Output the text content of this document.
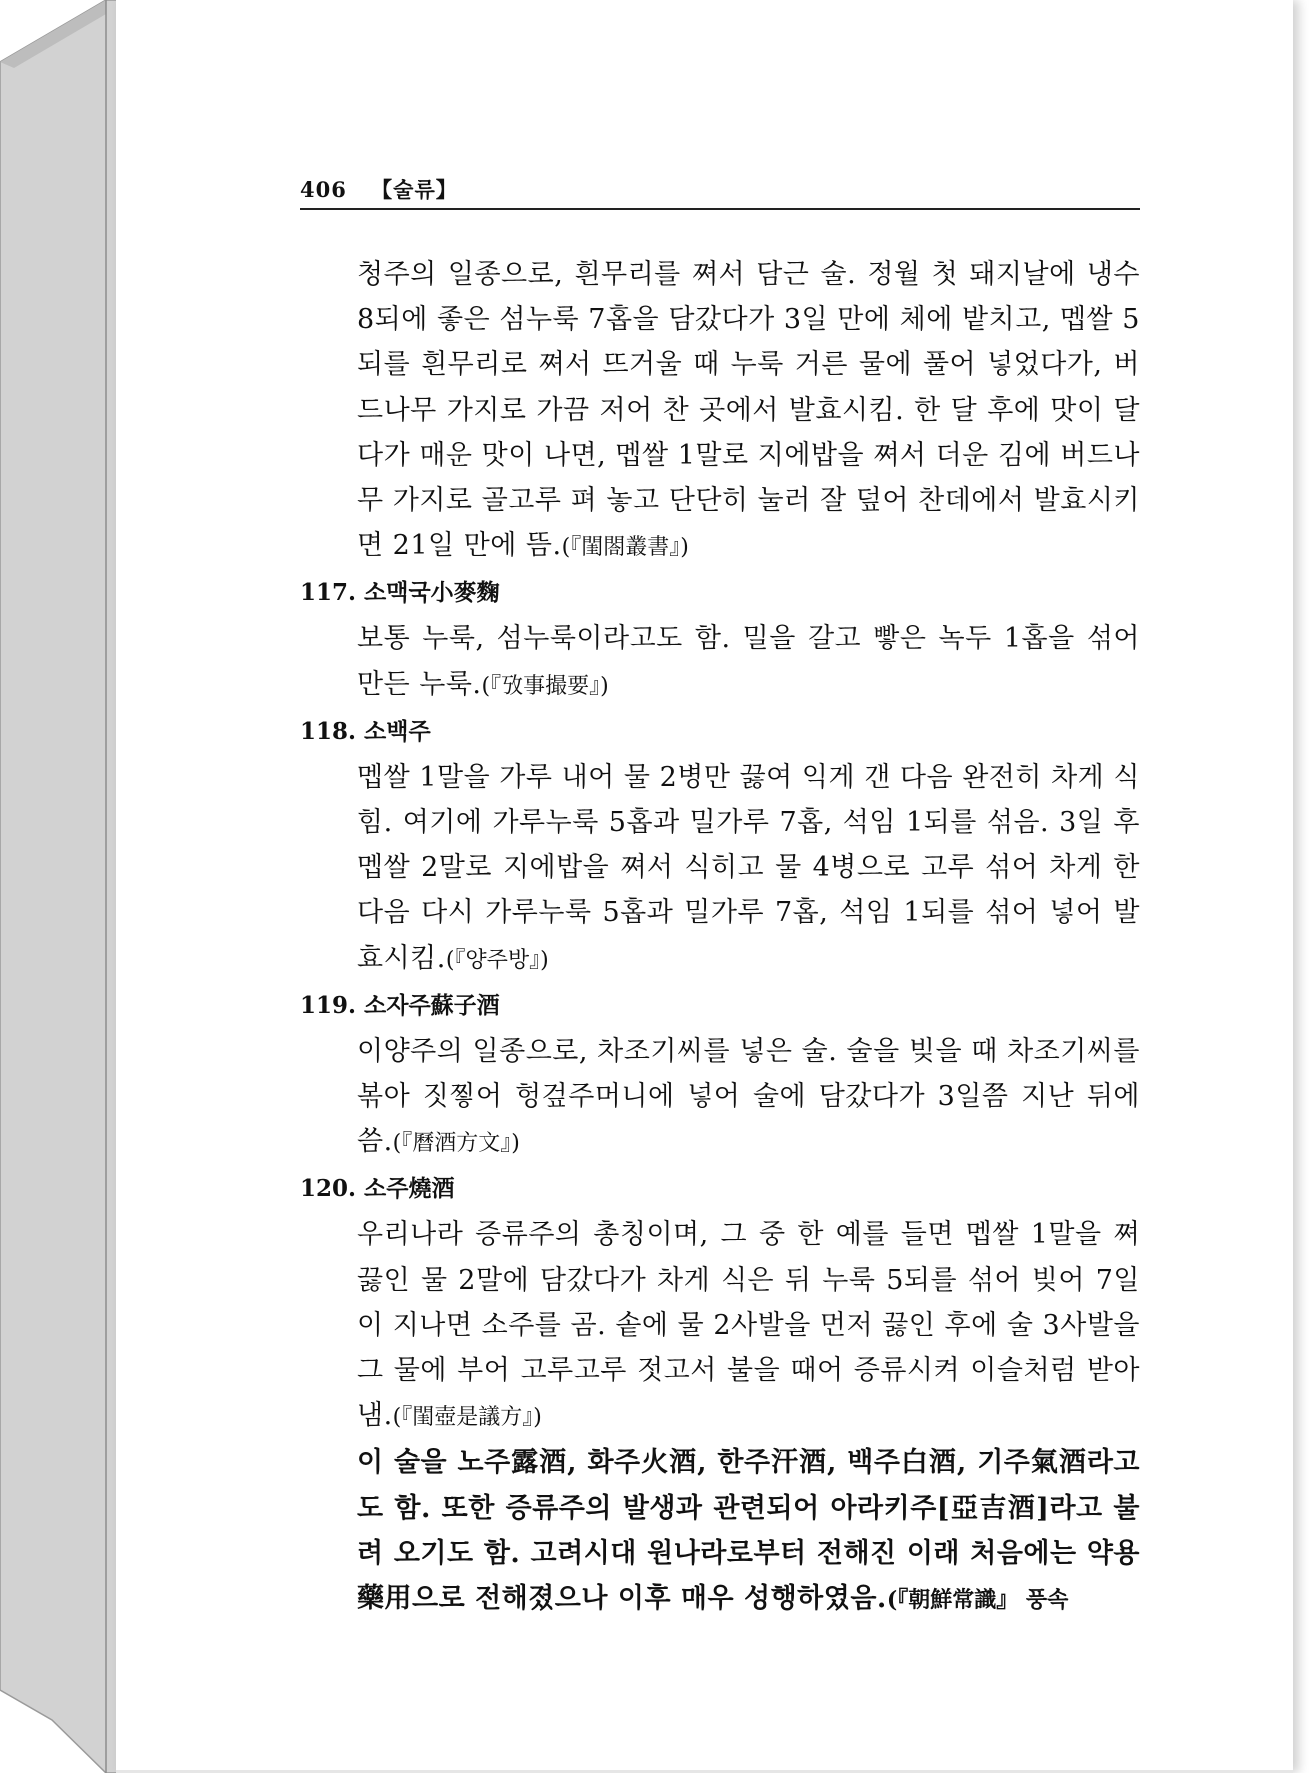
406 【술류】

청주의 일종으로, 흰무리를 쪄서 담근 술. 정월 첫 돼지날에 냉수 8되에 좋은 섬누룩 7홉을 담갔다가 3일 만에 체에 밭치고, 멥쌀 5되를 흰무리로 쪄서 뜨거울 때 누룩 거른 물에 풀어 넣었다가, 버드나무 가지로 가끔 저어 찬 곳에서 발효시킴. 한 달 후에 맛이 달다가 매운 맛이 나면, 멥쌀 1말로 지에밥을 쪄서 더운 김에 버드나무 가지로 골고루 펴 놓고 단단히 눌러 잘 덮어 찬데에서 발효시키면 21일 만에 뜸.(『閨閤叢書』)

117. 소맥국小麥麴

보통 누룩, 섬누룩이라고도 함. 밀을 갈고 빻은 녹두 1홉을 섞어 만든 누룩.(『攷事撮要』)

118. 소백주

멥쌀 1말을 가루 내어 물 2병만 끓여 익게 갠 다음 완전히 차게 식힘. 여기에 가루누룩 5홉과 밀가루 7홉, 석임 1되를 섞음. 3일 후 멥쌀 2말로 지에밥을 쪄서 식히고 물 4병으로 고루 섞어 차게 한 다음 다시 가루누룩 5홉과 밀가루 7홉, 석임 1되를 섞어 넣어 발효시킴.(『양주방』)

119. 소자주蘇子酒

이양주의 일종으로, 차조기씨를 넣은 술. 술을 빚을 때 차조기씨를 볶아 짓찧어 헝겊주머니에 넣어 술에 담갔다가 3일쯤 지난 뒤에 씀.(『曆酒方文』)

120. 소주燒酒

우리나라 증류주의 총칭이며, 그 중 한 예를 들면 멥쌀 1말을 쪄 끓인 물 2말에 담갔다가 차게 식은 뒤 누룩 5되를 섞어 빚어 7일이 지나면 소주를 곰. 솥에 물 2사발을 먼저 끓인 후에 술 3사발을 그 물에 부어 고루고루 젓고서 불을 때어 증류시켜 이슬처럼 받아 냄.(『閨壺是議方』)

이 술을 노주露酒, 화주火酒, 한주汗酒, 백주白酒, 기주氣酒라고도 함. 또한 증류주의 발생과 관련되어 아라키주[亞吉酒]라고 불려 오기도 함. 고려시대 원나라로부터 전해진 이래 처음에는 약용藥用으로 전해졌으나 이후 매우 성행하였음.(『朝鮮常識』 풍속
